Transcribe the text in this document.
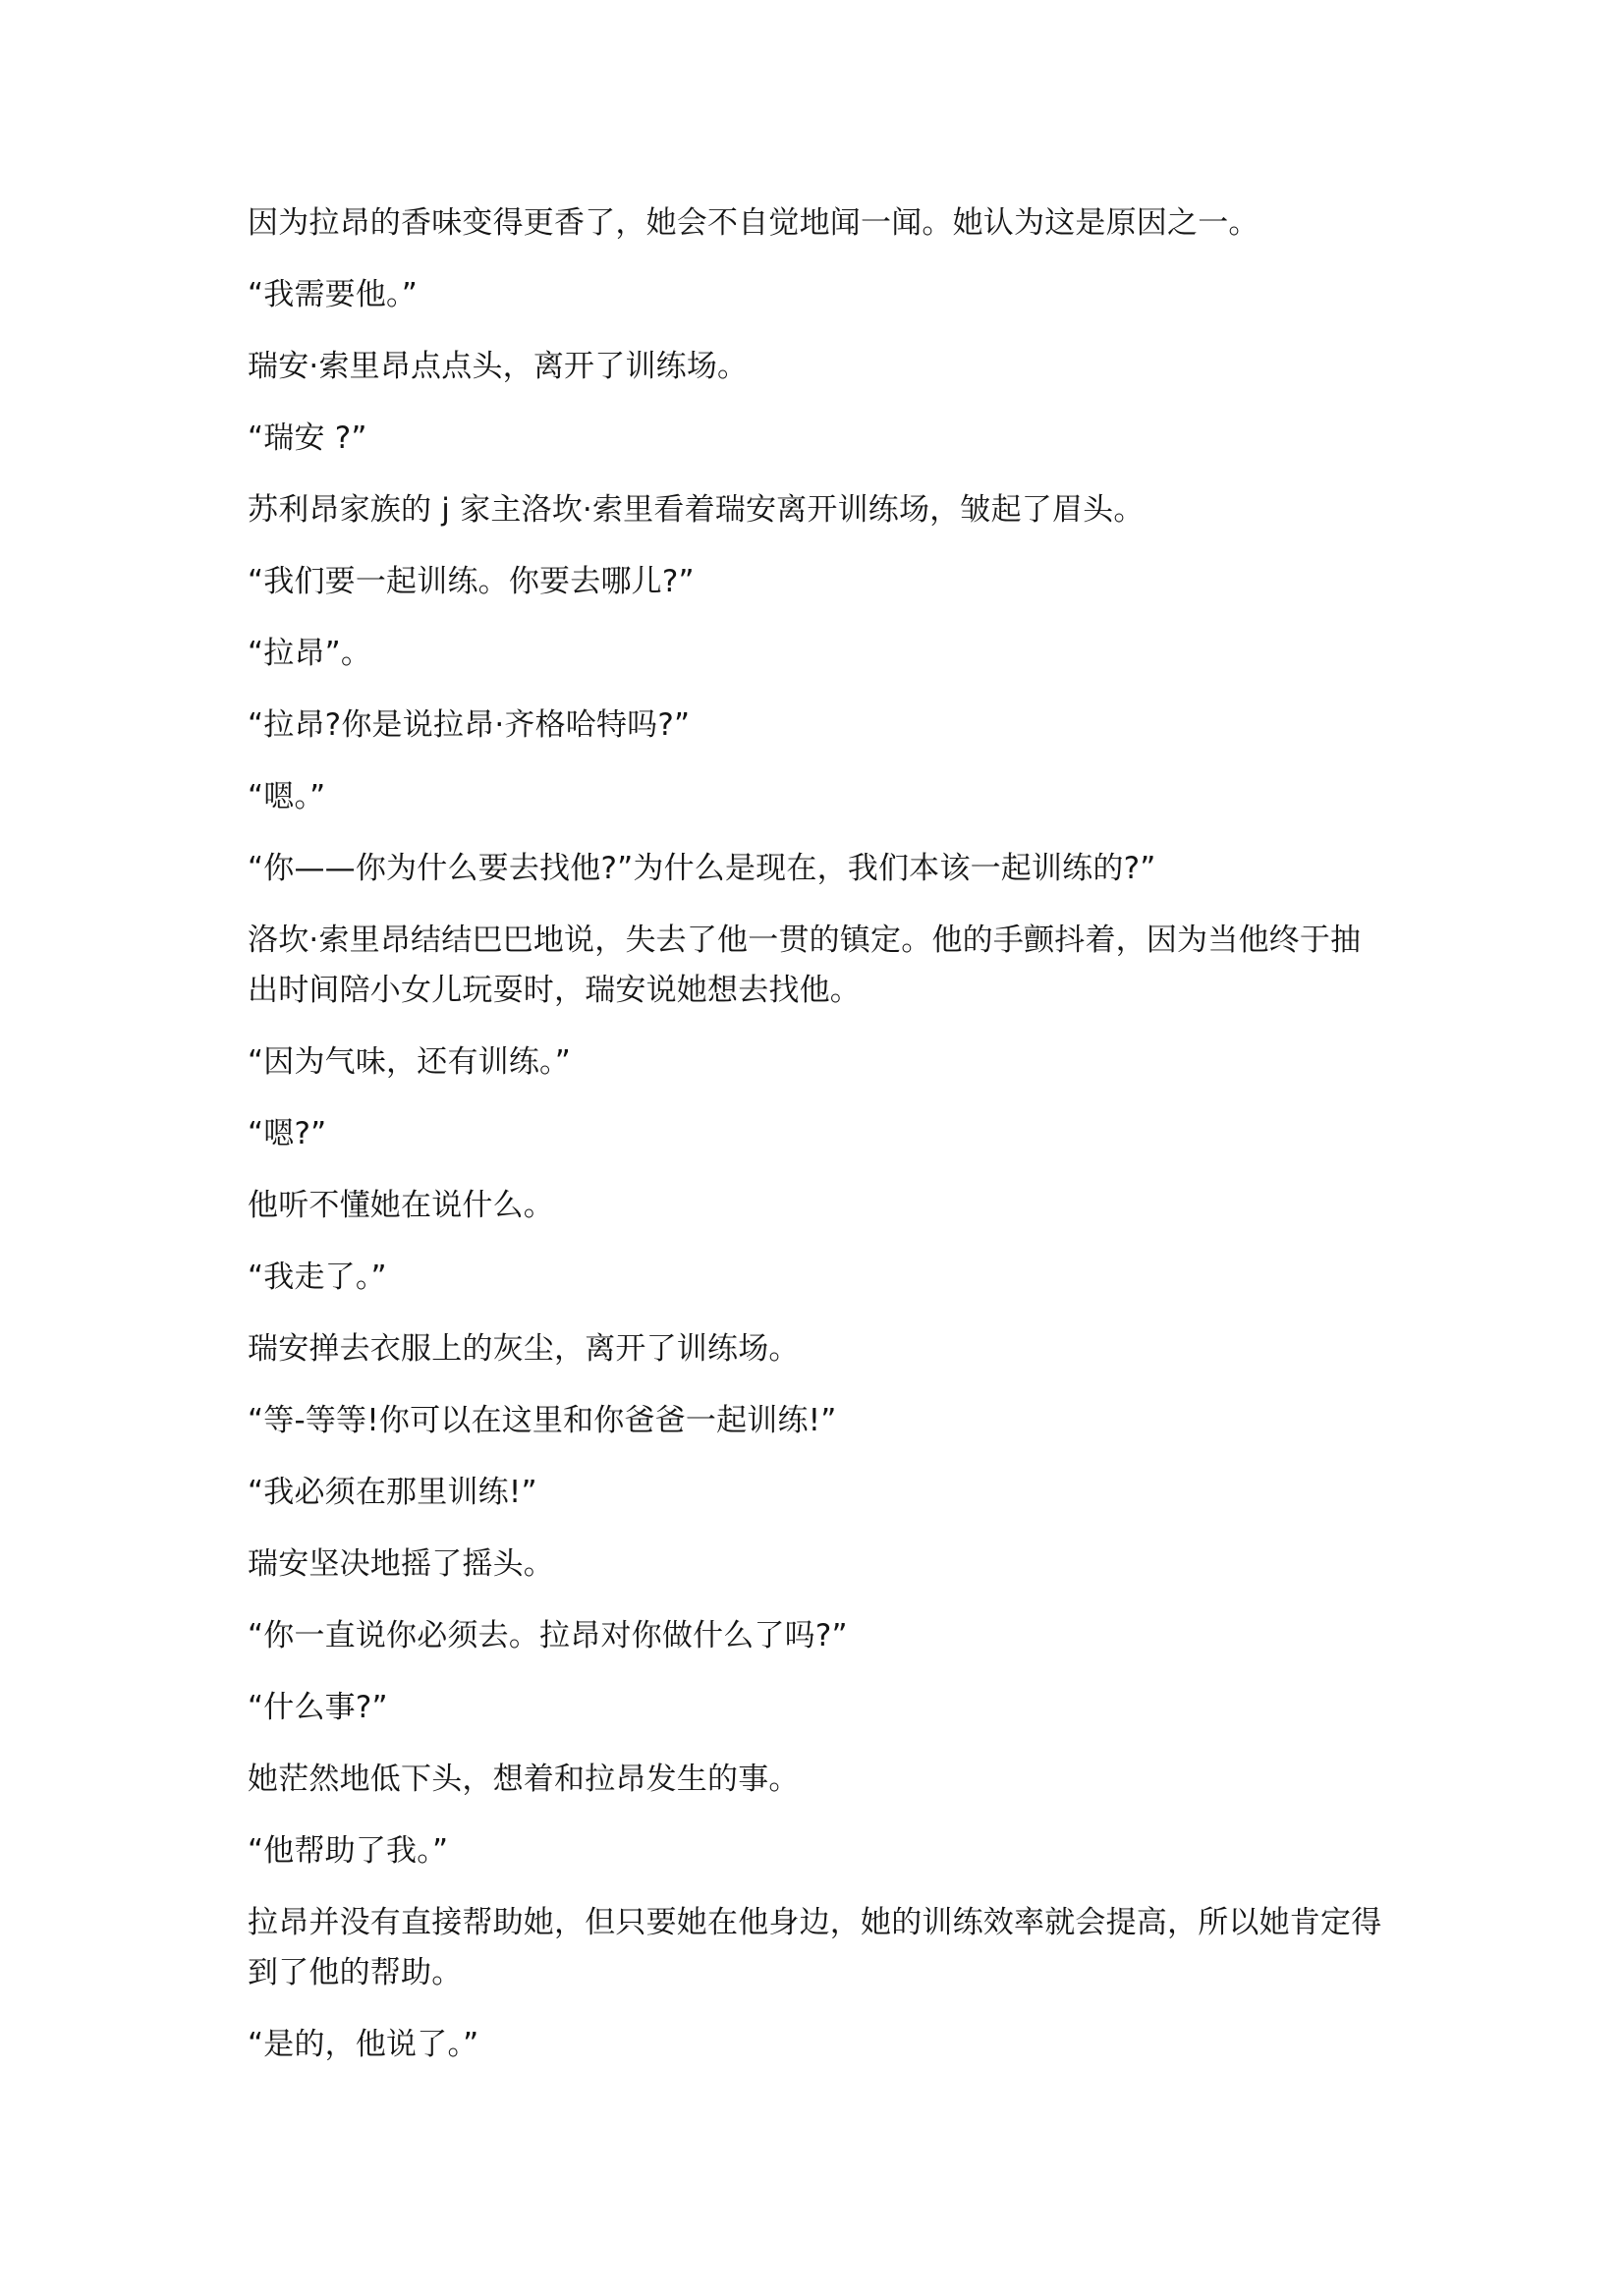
因为拉昂的香味变得更香了，她会不自觉地闻一闻。她认为这是原因之一。

“我需要他。”

瑞安·索里昂点点头，离开了训练场。

“瑞安 ?”

苏利昂家族的 j 家主洛坎·索里看着瑞安离开训练场，皱起了眉头。

“我们要一起训练。你要去哪儿?”

“拉昂”。

“拉昂?你是说拉昂·齐格哈特吗?”

“嗯。”

“你——你为什么要去找他?”为什么是现在，我们本该一起训练的?”

洛坎·索里昂结结巴巴地说，失去了他一贯的镇定。他的手颤抖着，因为当他终于抽出时间陪小女儿玩耍时，瑞安说她想去找他。

“因为气味，还有训练。”

“嗯?”

他听不懂她在说什么。

“我走了。”

瑞安掸去衣服上的灰尘，离开了训练场。

“等-等等!你可以在这里和你爸爸一起训练!”

“我必须在那里训练!”

瑞安坚决地摇了摇头。

“你一直说你必须去。拉昂对你做什么了吗?”

“什么事?”

她茫然地低下头，想着和拉昂发生的事。

“他帮助了我。”

拉昂并没有直接帮助她，但只要她在他身边，她的训练效率就会提高，所以她肯定得到了他的帮助。

“是的，他说了。”
